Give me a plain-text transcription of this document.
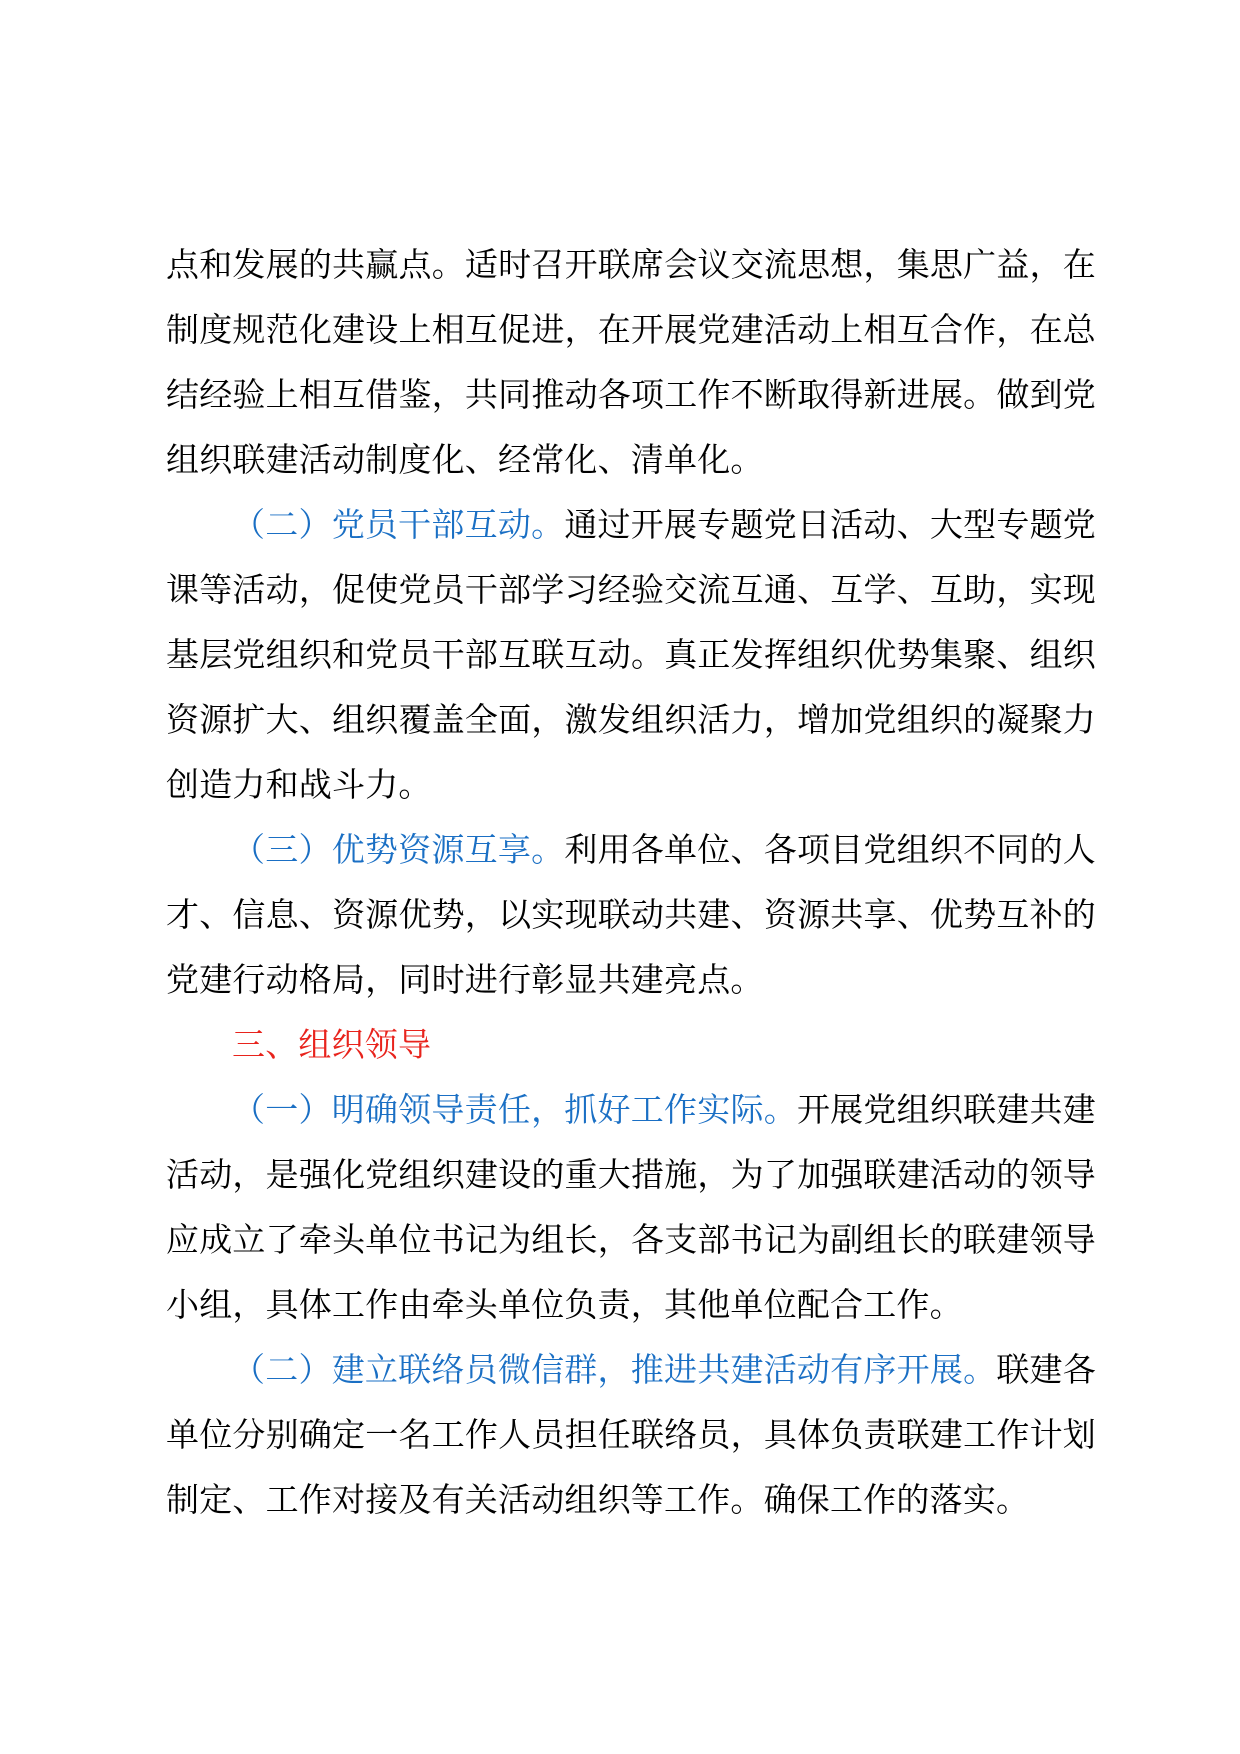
点和发展的共赢点。适时召开联席会议交流思想，集思广益，在制度规范化建设上相互促进，在开展党建活动上相互合作，在总结经验上相互借鉴，共同推动各项工作不断取得新进展。做到党组织联建活动制度化、经常化、清单化。

（二）党员干部互动。通过开展专题党日活动、大型专题党课等活动，促使党员干部学习经验交流互通、互学、互助，实现基层党组织和党员干部互联互动。真正发挥组织优势集聚、组织资源扩大、组织覆盖全面，激发组织活力，增加党组织的凝聚力创造力和战斗力。

（三）优势资源互享。利用各单位、各项目党组织不同的人才、信息、资源优势，以实现联动共建、资源共享、优势互补的党建行动格局，同时进行彰显共建亮点。

三、组织领导

（一）明确领导责任，抓好工作实际。开展党组织联建共建活动，是强化党组织建设的重大措施，为了加强联建活动的领导应成立了牵头单位书记为组长，各支部书记为副组长的联建领导小组，具体工作由牵头单位负责，其他单位配合工作。

（二）建立联络员微信群，推进共建活动有序开展。联建各单位分别确定一名工作人员担任联络员，具体负责联建工作计划制定、工作对接及有关活动组织等工作。确保工作的落实。
